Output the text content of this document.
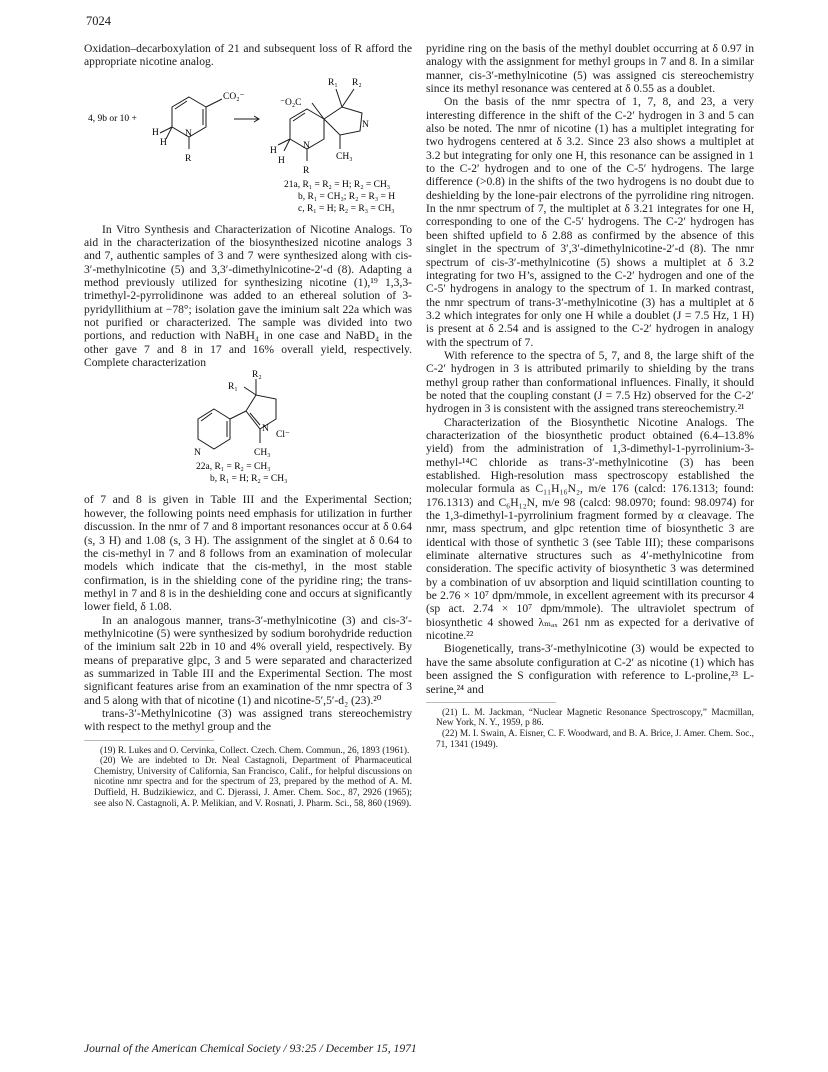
7024

Oxidation–decarboxylation of 21 and subsequent loss of R afford the appropriate nicotine analog.

4, 9b or 10 +
CO₂⁻
N
H
H
R
⁻O₂C
R₁ R₂
N
N
CH₃
H
H
R
21a, R₁ = R₂ = H; R₂ = CH₃
b, R₁ = CH₃; R₂ = R₃ = H
c, R₁ = H; R₂ = R₃ = CH₃

In Vitro Synthesis and Characterization of Nicotine Analogs. To aid in the characterization of the biosynthesized nicotine analogs 3 and 7, authentic samples of 3 and 7 were synthesized along with cis-3′-methylnicotine (5) and 3,3′-dimethylnicotine-2′-d (8). Adapting a method previously utilized for synthesizing nicotine (1),¹⁹ 1,3,3-trimethyl-2-pyrrolidinone was added to an ethereal solution of 3-pyridyllithium at −78°; isolation gave the iminium salt 22a which was not purified or characterized. The sample was divided into two portions, and reduction with NaBH₄ in one case and NaBD₄ in the other gave 7 and 8 in 17 and 16% overall yield, respectively. Complete characterization

R₂
R₁
N
N
Cl⁻
CH₃
22a, R₁ = R₂ = CH₃
b, R₁ = H; R₂ = CH₃

of 7 and 8 is given in Table III and the Experimental Section; however, the following points need emphasis for utilization in further discussion. In the nmr of 7 and 8 important resonances occur at δ 0.64 (s, 3 H) and 1.08 (s, 3 H). The assignment of the singlet at δ 0.64 to the cis-methyl in 7 and 8 follows from an examination of molecular models which indicate that the cis-methyl, in the most stable confirmation, is in the shielding cone of the pyridine ring; the trans-methyl in 7 and 8 is in the deshielding cone and occurs at significantly lower field, δ 1.08.

In an analogous manner, trans-3′-methylnicotine (3) and cis-3′-methylnicotine (5) were synthesized by sodium borohydride reduction of the iminium salt 22b in 10 and 4% overall yield, respectively. By means of preparative glpc, 3 and 5 were separated and characterized as summarized in Table III and the Experimental Section. The most significant features arise from an examination of the nmr spectra of 3 and 5 along with that of nicotine (1) and nicotine-5′,5′-d₂ (23).²⁰

trans-3′-Methylnicotine (3) was assigned trans stereochemistry with respect to the methyl group and the

(19) R. Lukes and O. Cervinka, Collect. Czech. Chem. Commun., 26, 1893 (1961).

(20) We are indebted to Dr. Neal Castagnoli, Department of Pharmaceutical Chemistry, University of California, San Francisco, Calif., for helpful discussions on nicotine nmr spectra and for the spectrum of 23, prepared by the method of A. M. Duffield, H. Budzikiewicz, and C. Djerassi, J. Amer. Chem. Soc., 87, 2926 (1965); see also N. Castagnoli, A. P. Melikian, and V. Rosnati, J. Pharm. Sci., 58, 860 (1969).

pyridine ring on the basis of the methyl doublet occurring at δ 0.97 in analogy with the assignment for methyl groups in 7 and 8. In a similar manner, cis-3′-methylnicotine (5) was assigned cis stereochemistry since its methyl resonance was centered at δ 0.55 as a doublet.

On the basis of the nmr spectra of 1, 7, 8, and 23, a very interesting difference in the shift of the C-2′ hydrogen in 3 and 5 can also be noted. The nmr of nicotine (1) has a multiplet integrating for two hydrogens centered at δ 3.2. Since 23 also shows a multiplet at 3.2 but integrating for only one H, this resonance can be assigned in 1 to the C-2′ hydrogen and to one of the C-5′ hydrogens. The large difference (>0.8) in the shifts of the two hydrogens is no doubt due to deshielding by the lone-pair electrons of the pyrrolidine ring nitrogen. In the nmr spectrum of 7, the multiplet at δ 3.21 integrates for one H, corresponding to one of the C-5′ hydrogens. The C-2′ hydrogen has been shifted upfield to δ 2.88 as confirmed by the absence of this singlet in the spectrum of 3′,3′-dimethylnicotine-2′-d (8). The nmr spectrum of cis-3′-methylnicotine (5) shows a multiplet at δ 3.2 integrating for two H’s, assigned to the C-2′ hydrogen and one of the C-5′ hydrogens in analogy to the spectrum of 1. In marked contrast, the nmr spectrum of trans-3′-methylnicotine (3) has a multiplet at δ 3.2 which integrates for only one H while a doublet (J = 7.5 Hz, 1 H) is present at δ 2.54 and is assigned to the C-2′ hydrogen in analogy with the spectrum of 7.

With reference to the spectra of 5, 7, and 8, the large shift of the C-2′ hydrogen in 3 is attributed primarily to shielding by the trans methyl group rather than conformational influences. Finally, it should be noted that the coupling constant (J = 7.5 Hz) observed for the C-2′ hydrogen in 3 is consistent with the assigned trans stereochemistry.²¹

Characterization of the Biosynthetic Nicotine Analogs. The characterization of the biosynthetic product obtained (6.4–13.8% yield) from the administration of 1,3-dimethyl-1-pyrrolinium-3-methyl-¹⁴C chloride as trans-3′-methylnicotine (3) has been established. High-resolution mass spectroscopy established the molecular formula as C₁₁H₁₆N₂, m/e 176 (calcd: 176.1313; found: 176.1313) and C₆H₁₂N, m/e 98 (calcd: 98.0970; found: 98.0974) for the 1,3-dimethyl-1-pyrrolinium fragment formed by α cleavage. The nmr, mass spectrum, and glpc retention time of biosynthetic 3 are identical with those of synthetic 3 (see Table III); these comparisons eliminate alternative structures such as 4′-methylnicotine from consideration. The specific activity of biosynthetic 3 was determined by a combination of uv absorption and liquid scintillation counting to be 2.76 × 10⁷ dpm/mmole, in excellent agreement with its precursor 4 (sp act. 2.74 × 10⁷ dpm/mmole). The ultraviolet spectrum of biosynthetic 4 showed λₘₐₓ 261 nm as expected for a derivative of nicotine.²²

Biogenetically, trans-3′-methylnicotine (3) would be expected to have the same absolute configuration at C-2′ as nicotine (1) which has been assigned the S configuration with reference to L-proline,²³ L-serine,²⁴ and

(21) L. M. Jackman, “Nuclear Magnetic Resonance Spectroscopy,” Macmillan, New York, N. Y., 1959, p 86.

(22) M. I. Swain, A. Eisner, C. F. Woodward, and B. A. Brice, J. Amer. Chem. Soc., 71, 1341 (1949).

Journal of the American Chemical Society / 93:25 / December 15, 1971
